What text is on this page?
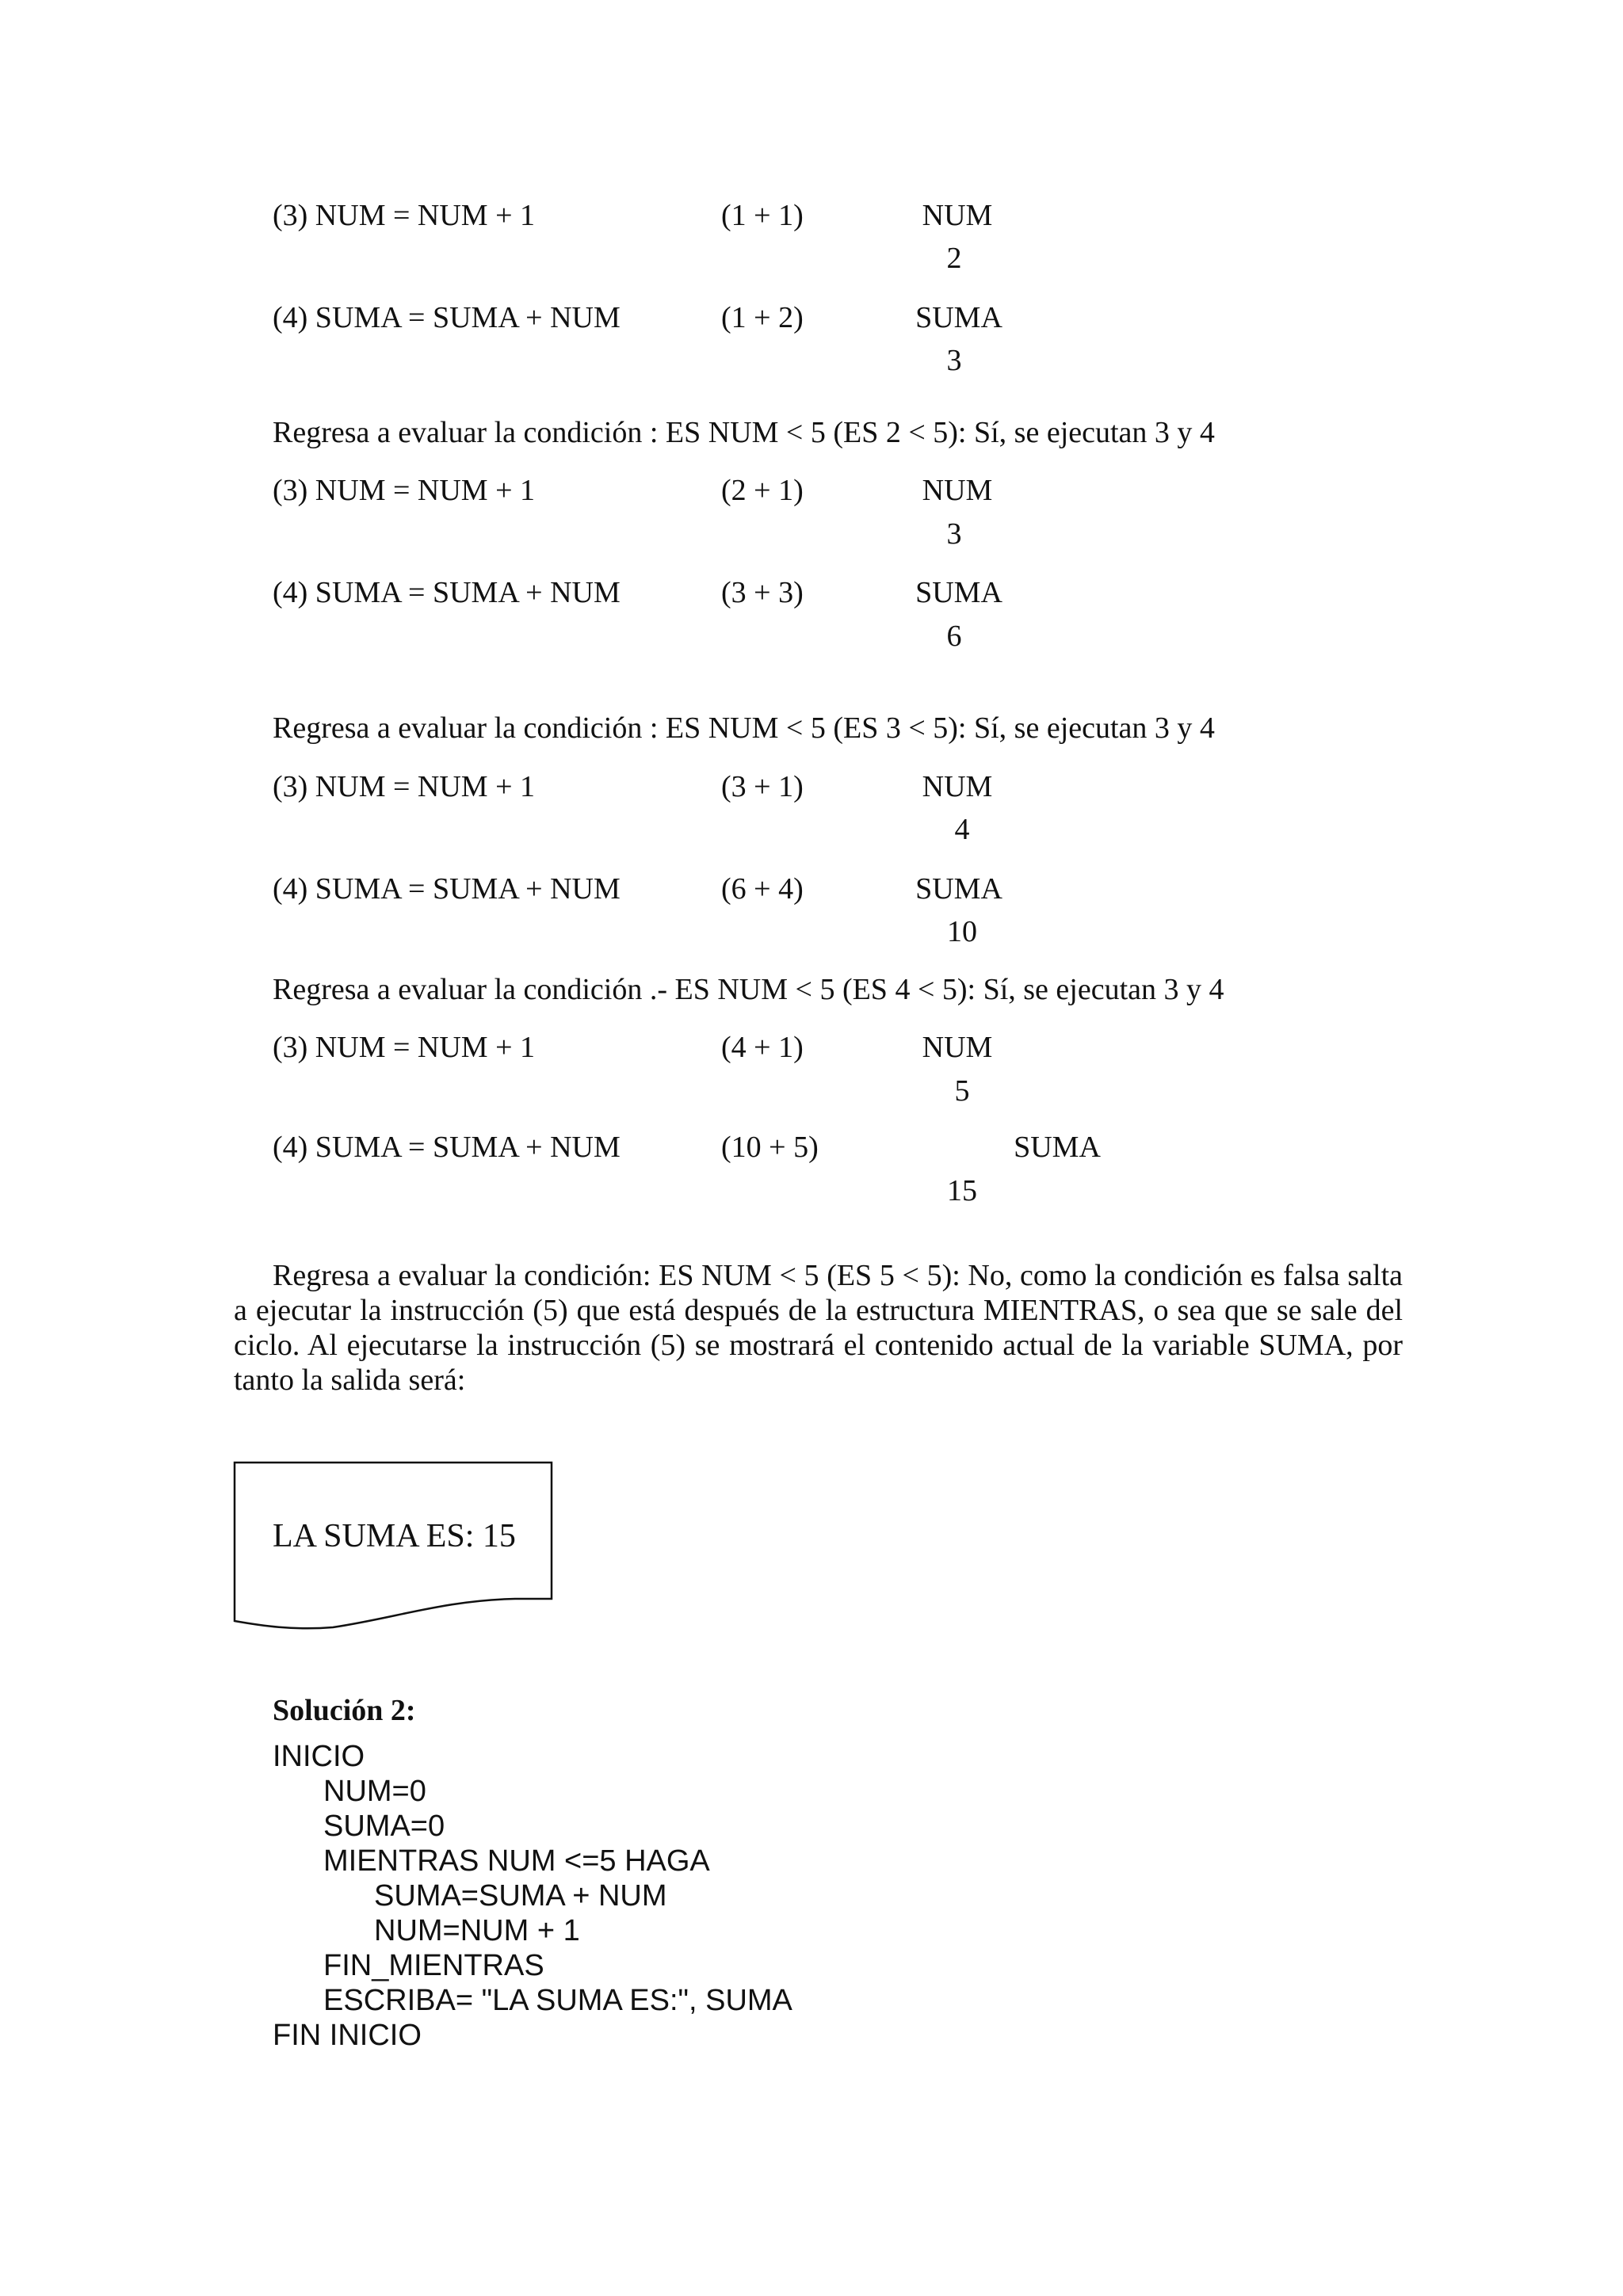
(3) NUM = NUM + 1	(1 + 1)	NUM
2
(4) SUMA = SUMA + NUM	(1 + 2)	SUMA
3
Regresa a evaluar la condición : ES NUM < 5 (ES 2 < 5): Sí, se ejecutan 3 y 4
(3) NUM = NUM + 1	(2 + 1)	NUM
3
(4) SUMA = SUMA + NUM	(3 + 3)	SUMA
6
Regresa a evaluar la condición : ES NUM < 5 (ES 3 < 5): Sí, se ejecutan 3 y 4
(3) NUM = NUM + 1	(3 + 1)	NUM
4
(4) SUMA = SUMA + NUM	(6 + 4)	SUMA
10
Regresa a evaluar la condición .- ES NUM < 5 (ES 4 < 5): Sí, se ejecutan 3 y 4
(3) NUM = NUM + 1	(4 + 1)	NUM
5
(4) SUMA = SUMA + NUM	(10 + 5)	SUMA
15
Regresa a evaluar la condición: ES NUM < 5 (ES 5 < 5): No, como la condición es falsa salta a ejecutar la instrucción (5) que está después de la estructura MIENTRAS, o sea que se sale del ciclo. Al ejecutarse la instrucción (5) se mostrará el contenido actual de la variable SUMA, por tanto la salida será:
LA SUMA ES: 15
Solución 2:
INICIO
NUM=0
SUMA=0
MIENTRAS NUM <=5 HAGA
SUMA=SUMA + NUM
NUM=NUM + 1
FIN_MIENTRAS
ESCRIBA= "LA SUMA ES:", SUMA
FIN INICIO
